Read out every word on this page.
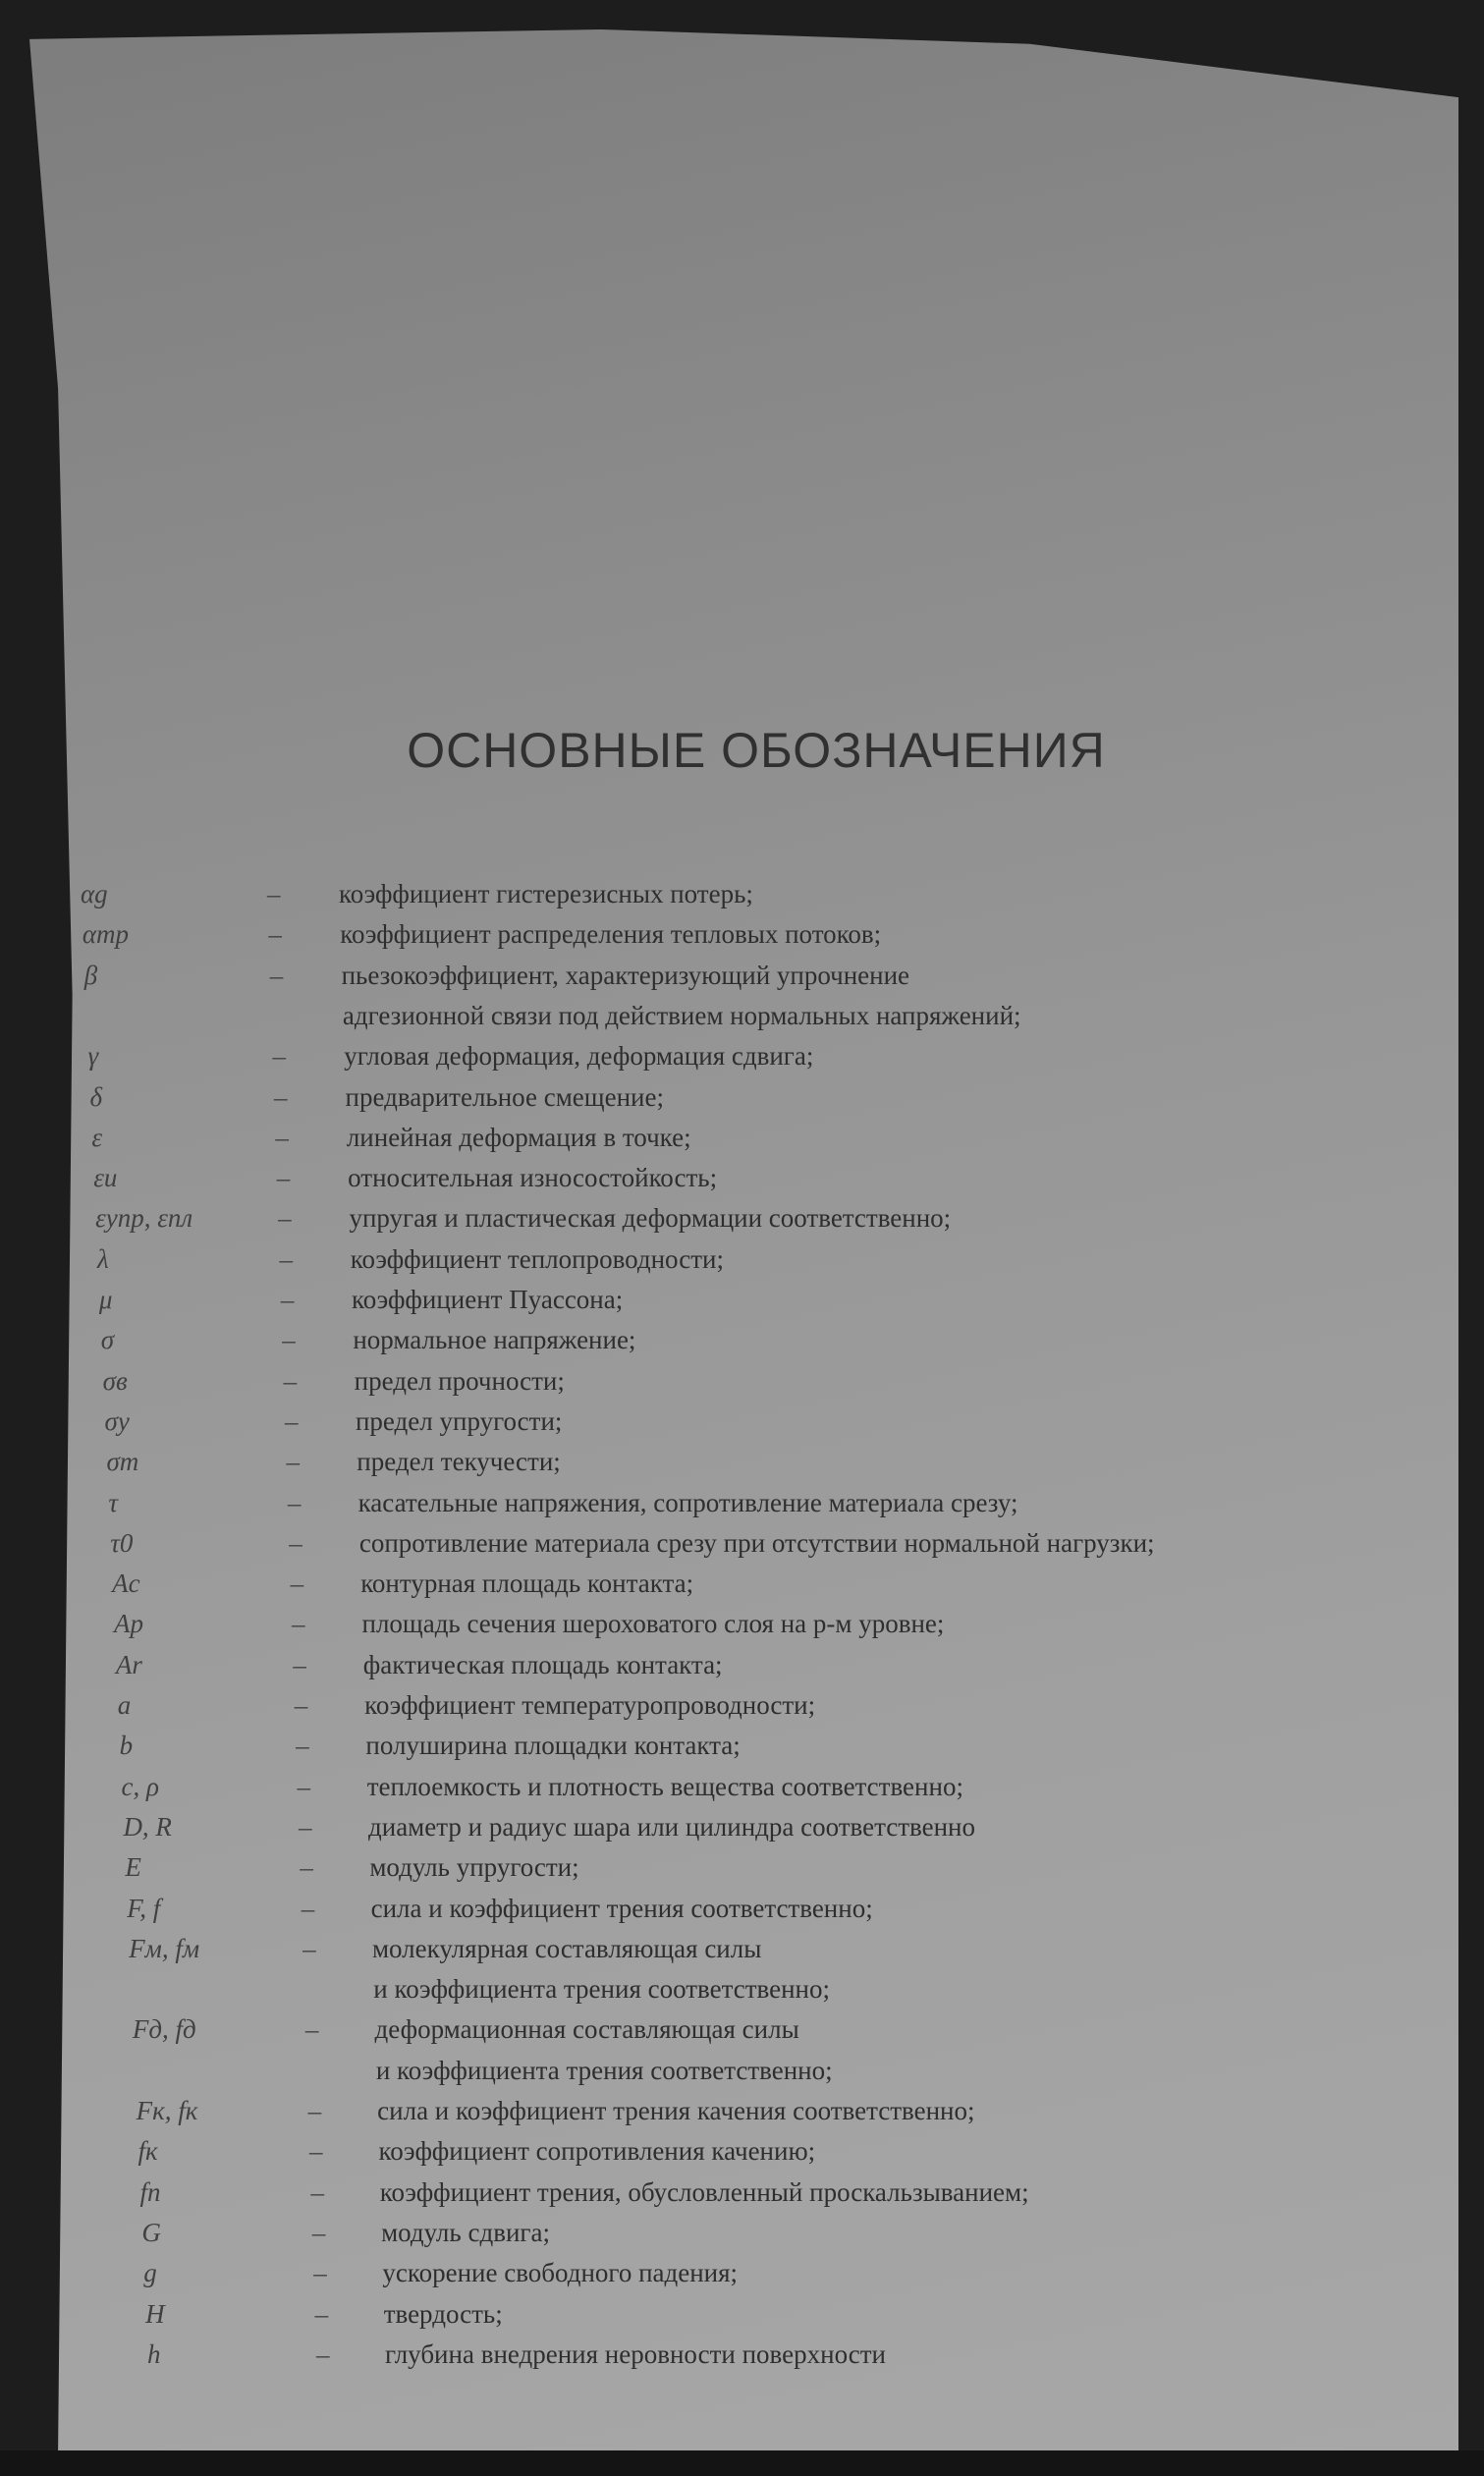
ОСНОВНЫЕ ОБОЗНАЧЕНИЯ
αg	– коэффициент гистерезисных потерь;
αтр	– коэффициент распределения тепловых потоков;
β	– пьезокоэффициент, характеризующий упрочнение
адгезионной связи под действием нормальных напряжений;
γ	– угловая деформация, деформация сдвига;
δ	– предварительное смещение;
ε	– линейная деформация в точке;
εu	– относительная износостойкость;
εупр, εпл	– упругая и пластическая деформации соответственно;
λ	– коэффициент теплопроводности;
μ	– коэффициент Пуассона;
σ	– нормальное напряжение;
σв	– предел прочности;
σу	– предел упругости;
σт	– предел текучести;
τ	– касательные напряжения, сопротивление материала срезу;
τ0	– сопротивление материала срезу при отсутствии нормальной нагрузки;
Ac	– контурная площадь контакта;
Ap	– площадь сечения шероховатого слоя на p-м уровне;
Ar	– фактическая площадь контакта;
a	– коэффициент температуропроводности;
b	– полуширина площадки контакта;
c, ρ	– теплоемкость и плотность вещества соответственно;
D, R	– диаметр и радиус шара или цилиндра соответственно
E	– модуль упругости;
F, f	– сила и коэффициент трения соответственно;
Fм, fм	– молекулярная составляющая силы
и коэффициента трения соответственно;
Fд, fд	– деформационная составляющая силы
и коэффициента трения соответственно;
Fк, fк	– сила и коэффициент трения качения соответственно;
fк	– коэффициент сопротивления качению;
fп	– коэффициент трения, обусловленный проскальзыванием;
G	– модуль сдвига;
g	– ускорение свободного падения;
H	– твердость;
h	– глубина внедрения неровности поверхности
